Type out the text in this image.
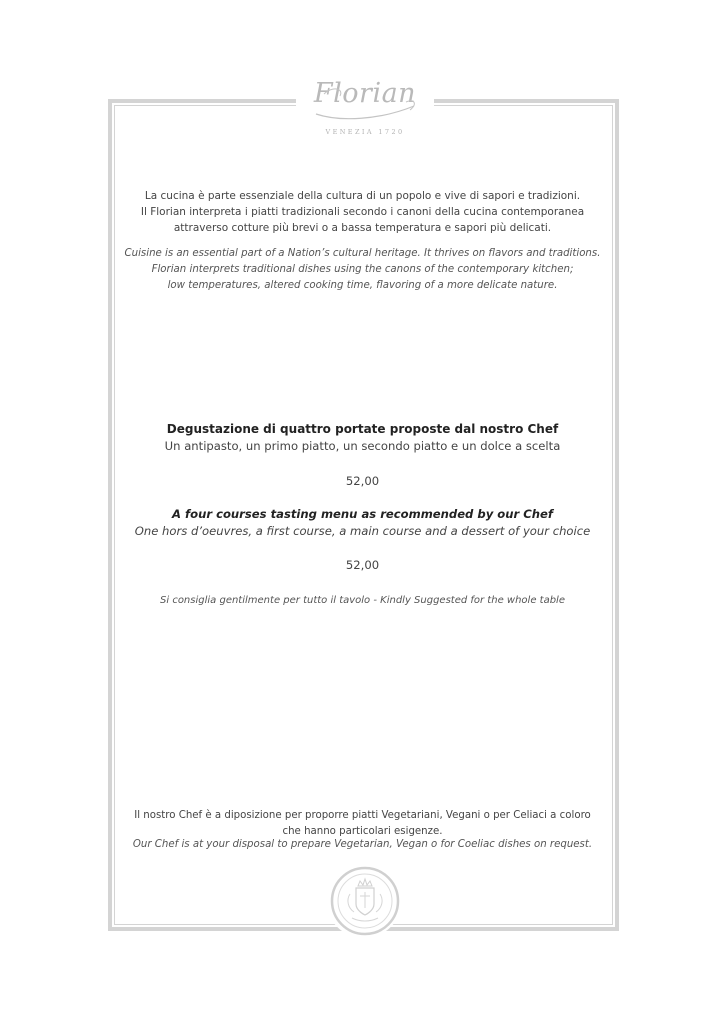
Florian
VENEZIA 1720
La cucina è parte essenziale della cultura di un popolo e vive di sapori e tradizioni.
Il Florian interpreta i piatti tradizionali secondo i canoni della cucina contemporanea
attraverso cotture più brevi o a bassa temperatura e sapori più delicati.
Cuisine is an essential part of a Nation’s cultural heritage. It thrives on flavors and traditions.
Florian interprets traditional dishes using the canons of the contemporary kitchen;
low temperatures, altered cooking time, flavoring of a more delicate nature.
Degustazione di quattro portate proposte dal nostro Chef
Un antipasto, un primo piatto, un secondo piatto e un dolce a scelta
52,00
A four courses tasting menu as recommended by our Chef
One hors d’oeuvres, a first course, a main course and a dessert of your choice
52,00
Si consiglia gentilmente per tutto il tavolo - Kindly Suggested for the whole table
Il nostro Chef è a diposizione per proporre piatti Vegetariani, Vegani o per Celiaci a coloro
che hanno particolari esigenze.
Our Chef is at your disposal to prepare Vegetarian, Vegan o for Coeliac dishes on request.
